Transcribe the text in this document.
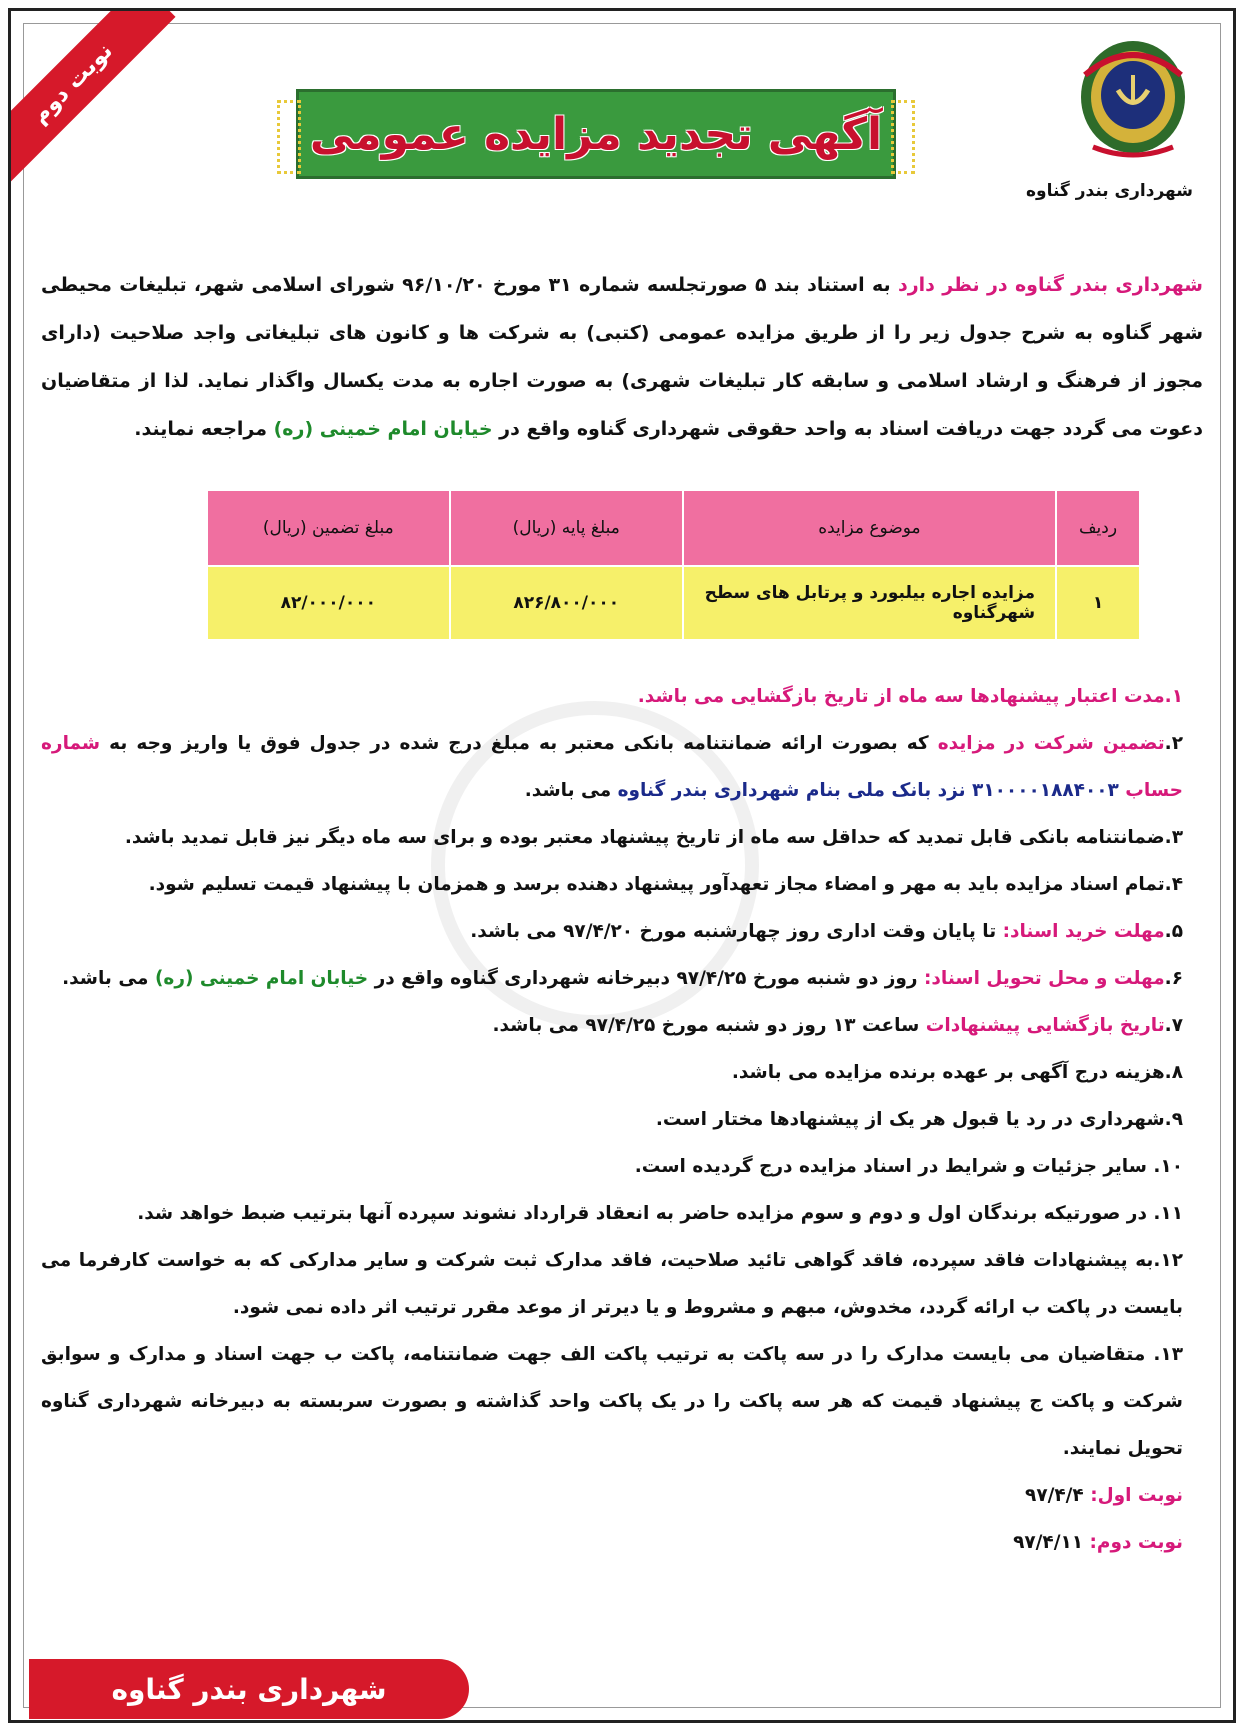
نوبت دوم
شهرداری بندر گناوه
آگهی تجدید مزایده عمومی
شهرداری بندر گناوه در نظر دارد به استناد بند ۵ صورتجلسه شماره ۳۱ مورخ ۹۶/۱۰/۲۰ شورای اسلامی شهر، تبلیغات محیطی شهر گناوه به شرح جدول زیر را از طریق مزایده عمومی (کتبی) به شرکت ها و کانون های تبلیغاتی واجد صلاحیت (دارای مجوز از فرهنگ و ارشاد اسلامی و سابقه کار تبلیغات شهری) به صورت اجاره به مدت یکسال واگذار نماید. لذا از متقاضیان دعوت می گردد جهت دریافت اسناد به واحد حقوقی شهرداری گناوه واقع در خیابان امام خمینی (ره) مراجعه نمایند.
ردیف	موضوع مزایده	مبلغ پایه (ریال)	مبلغ تضمین (ریال)
۱	مزایده اجاره بیلبورد و پرتابل های سطح شهرگناوه	۸۲۶/۸۰۰/۰۰۰	۸۲/۰۰۰/۰۰۰
۱.مدت اعتبار پیشنهادها سه ماه از تاریخ بازگشایی می باشد.
۲.تضمین شرکت در مزایده که بصورت ارائه ضمانتنامه بانکی معتبر به مبلغ درج شده در جدول فوق یا واریز وجه به شماره حساب ۳۱۰۰۰۰۱۸۸۴۰۰۳ نزد بانک ملی بنام شهرداری بندر گناوه می باشد.
۳.ضمانتنامه بانکی قابل تمدید که حداقل سه ماه از تاریخ پیشنهاد معتبر بوده و برای سه ماه دیگر نیز قابل تمدید باشد.
۴.تمام اسناد مزایده باید به مهر و امضاء مجاز تعهدآور پیشنهاد دهنده برسد و همزمان با پیشنهاد قیمت تسلیم شود.
۵.مهلت خرید اسناد: تا پایان وقت اداری روز چهارشنبه مورخ ۹۷/۴/۲۰ می باشد.
۶.مهلت و محل تحویل اسناد: روز دو شنبه مورخ ۹۷/۴/۲۵ دبیرخانه شهرداری گناوه واقع در خیابان امام خمینی (ره) می باشد.
۷.تاریخ بازگشایی پیشنهادات ساعت ۱۳ روز دو شنبه مورخ ۹۷/۴/۲۵ می باشد.
۸.هزینه درج آگهی بر عهده برنده مزایده می باشد.
۹.شهرداری در رد یا قبول هر یک از پیشنهادها مختار است.
۱۰. سایر جزئیات و شرایط در اسناد مزایده درج گردیده است.
۱۱. در صورتیکه برندگان اول و دوم و سوم مزایده حاضر به انعقاد قرارداد نشوند سپرده آنها بترتیب ضبط خواهد شد.
۱۲.به پیشنهادات فاقد سپرده، فاقد گواهی تائید صلاحیت، فاقد مدارک ثبت شرکت و سایر مدارکی که به خواست کارفرما می بایست در پاکت ب ارائه گردد، مخدوش، مبهم و مشروط و یا دیرتر از موعد مقرر ترتیب اثر داده نمی شود.
۱۳. متقاضیان می بایست مدارک را در سه پاکت به ترتیب پاکت الف جهت ضمانتنامه، پاکت ب جهت اسناد و مدارک و سوابق شرکت و پاکت ج پیشنهاد قیمت که هر سه پاکت را در یک پاکت واحد گذاشته و بصورت سربسته به دبیرخانه شهرداری گناوه تحویل نمایند.
نوبت اول: ۹۷/۴/۴
نوبت دوم: ۹۷/۴/۱۱
شهرداری بندر گناوه
